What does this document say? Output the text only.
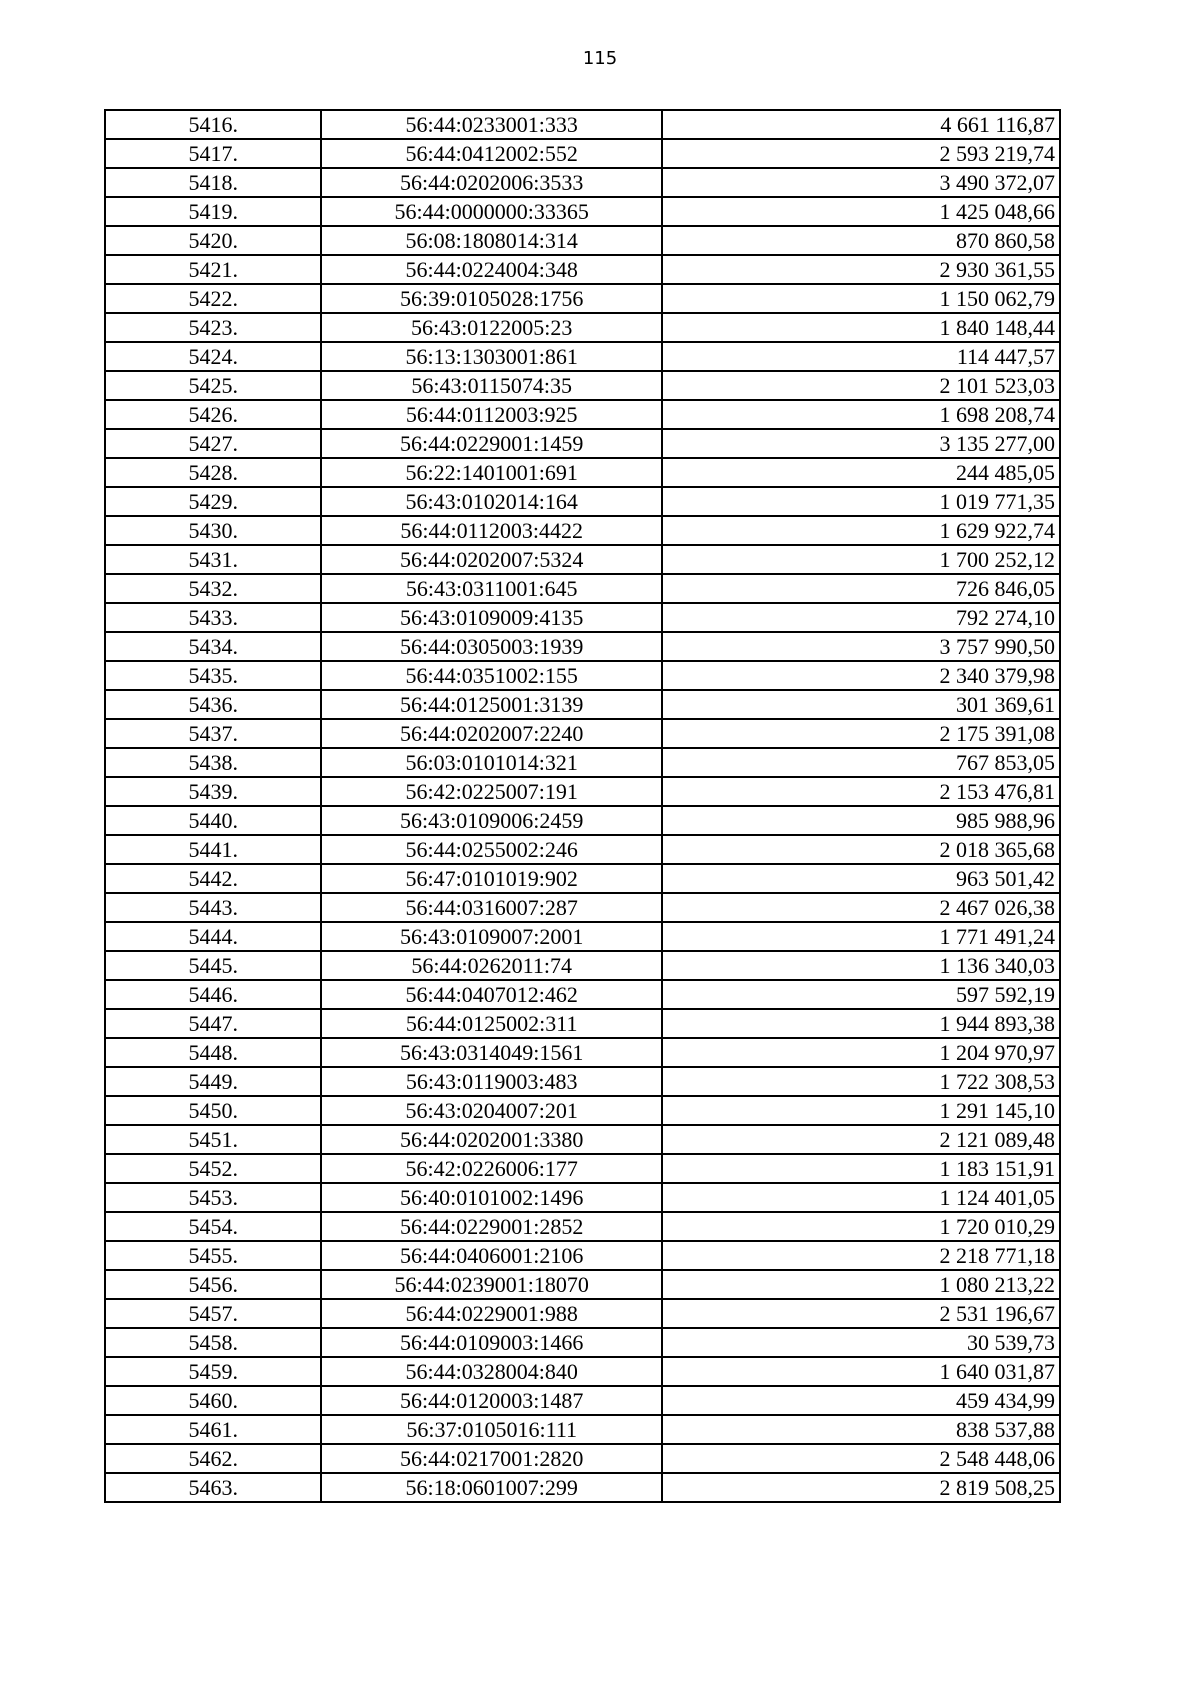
115
5416.	56:44:0233001:333	4 661 116,87
5417.	56:44:0412002:552	2 593 219,74
5418.	56:44:0202006:3533	3 490 372,07
5419.	56:44:0000000:33365	1 425 048,66
5420.	56:08:1808014:314	870 860,58
5421.	56:44:0224004:348	2 930 361,55
5422.	56:39:0105028:1756	1 150 062,79
5423.	56:43:0122005:23	1 840 148,44
5424.	56:13:1303001:861	114 447,57
5425.	56:43:0115074:35	2 101 523,03
5426.	56:44:0112003:925	1 698 208,74
5427.	56:44:0229001:1459	3 135 277,00
5428.	56:22:1401001:691	244 485,05
5429.	56:43:0102014:164	1 019 771,35
5430.	56:44:0112003:4422	1 629 922,74
5431.	56:44:0202007:5324	1 700 252,12
5432.	56:43:0311001:645	726 846,05
5433.	56:43:0109009:4135	792 274,10
5434.	56:44:0305003:1939	3 757 990,50
5435.	56:44:0351002:155	2 340 379,98
5436.	56:44:0125001:3139	301 369,61
5437.	56:44:0202007:2240	2 175 391,08
5438.	56:03:0101014:321	767 853,05
5439.	56:42:0225007:191	2 153 476,81
5440.	56:43:0109006:2459	985 988,96
5441.	56:44:0255002:246	2 018 365,68
5442.	56:47:0101019:902	963 501,42
5443.	56:44:0316007:287	2 467 026,38
5444.	56:43:0109007:2001	1 771 491,24
5445.	56:44:0262011:74	1 136 340,03
5446.	56:44:0407012:462	597 592,19
5447.	56:44:0125002:311	1 944 893,38
5448.	56:43:0314049:1561	1 204 970,97
5449.	56:43:0119003:483	1 722 308,53
5450.	56:43:0204007:201	1 291 145,10
5451.	56:44:0202001:3380	2 121 089,48
5452.	56:42:0226006:177	1 183 151,91
5453.	56:40:0101002:1496	1 124 401,05
5454.	56:44:0229001:2852	1 720 010,29
5455.	56:44:0406001:2106	2 218 771,18
5456.	56:44:0239001:18070	1 080 213,22
5457.	56:44:0229001:988	2 531 196,67
5458.	56:44:0109003:1466	30 539,73
5459.	56:44:0328004:840	1 640 031,87
5460.	56:44:0120003:1487	459 434,99
5461.	56:37:0105016:111	838 537,88
5462.	56:44:0217001:2820	2 548 448,06
5463.	56:18:0601007:299	2 819 508,25
